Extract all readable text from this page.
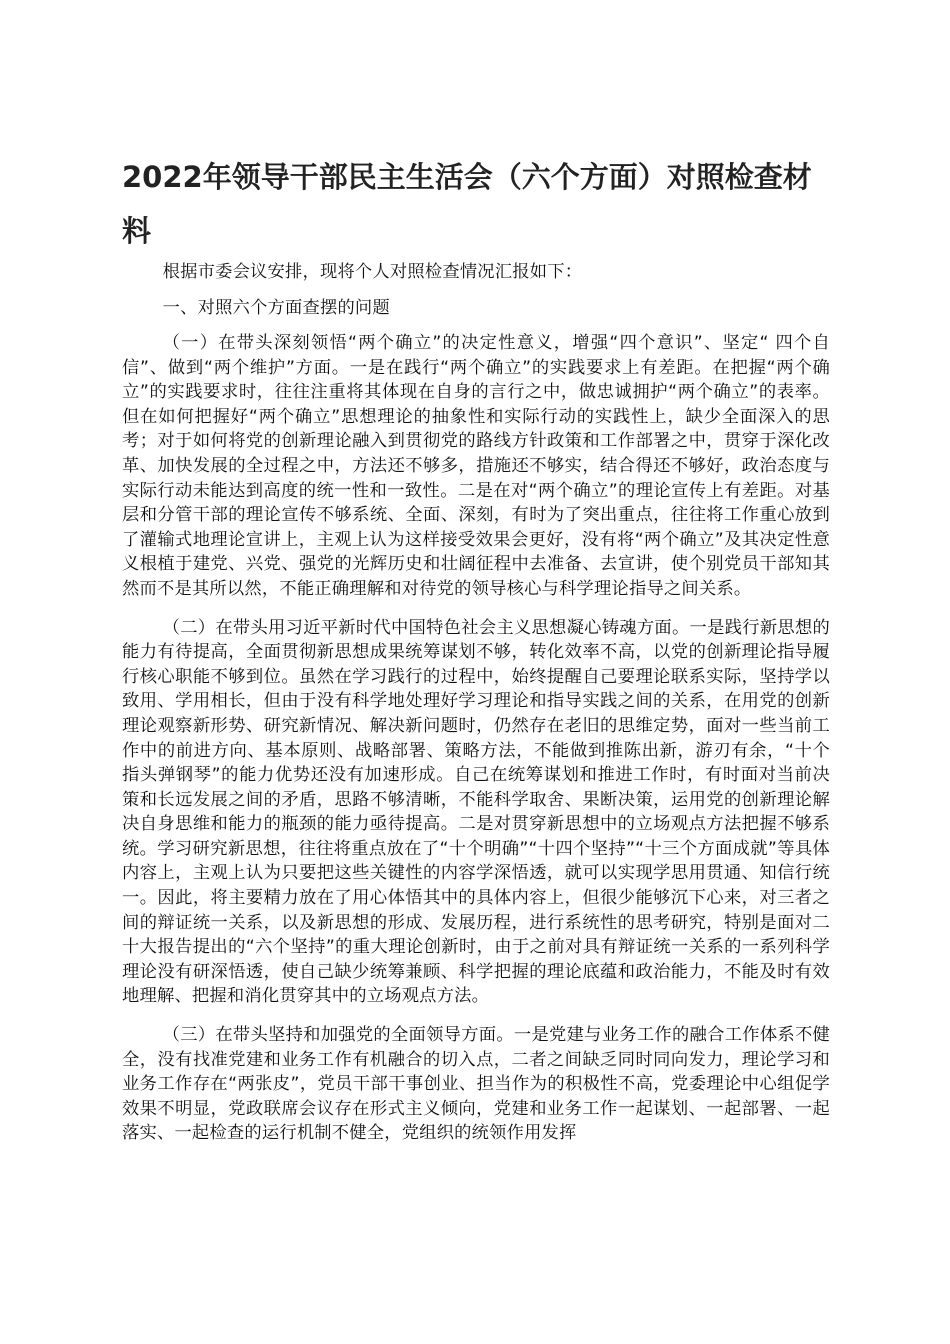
2022年领导干部民主生活会（六个方面）对照检查材料

根据市委会议安排，现将个人对照检查情况汇报如下：

一、对照六个方面查摆的问题

（一）在带头深刻领悟“两个确立”的决定性意义，增强“四个意识”、坚定“ 四个自信”、做到“两个维护”方面。一是在践行“两个确立”的实践要求上有差距。在把握“两个确立”的实践要求时，往往注重将其体现在自身的言行之中，做忠诚拥护“两个确立”的表率。但在如何把握好“两个确立”思想理论的抽象性和实际行动的实践性上，缺少全面深入的思考；对于如何将党的创新理论融入到贯彻党的路线方针政策和工作部署之中，贯穿于深化改革、加快发展的全过程之中，方法还不够多，措施还不够实，结合得还不够好，政治态度与实际行动未能达到高度的统一性和一致性。二是在对“两个确立”的理论宣传上有差距。对基层和分管干部的理论宣传不够系统、全面、深刻，有时为了突出重点，往往将工作重心放到了灌输式地理论宣讲上，主观上认为这样接受效果会更好，没有将“两个确立”及其决定性意义根植于建党、兴党、强党的光辉历史和壮阔征程中去准备、去宣讲，使个别党员干部知其然而不是其所以然，不能正确理解和对待党的领导核心与科学理论指导之间关系。

（二）在带头用习近平新时代中国特色社会主义思想凝心铸魂方面。一是践行新思想的能力有待提高，全面贯彻新思想成果统筹谋划不够，转化效率不高，以党的创新理论指导履行核心职能不够到位。虽然在学习践行的过程中，始终提醒自己要理论联系实际，坚持学以致用、学用相长，但由于没有科学地处理好学习理论和指导实践之间的关系，在用党的创新理论观察新形势、研究新情况、解决新问题时，仍然存在老旧的思维定势，面对一些当前工作中的前进方向、基本原则、战略部署、策略方法，不能做到推陈出新，游刃有余，“十个指头弹钢琴”的能力优势还没有加速形成。自己在统筹谋划和推进工作时，有时面对当前决策和长远发展之间的矛盾，思路不够清晰，不能科学取舍、果断决策，运用党的创新理论解决自身思维和能力的瓶颈的能力亟待提高。二是对贯穿新思想中的立场观点方法把握不够系统。学习研究新思想，往往将重点放在了“十个明确”“十四个坚持”“十三个方面成就”等具体内容上，主观上认为只要把这些关键性的内容学深悟透，就可以实现学思用贯通、知信行统一。因此，将主要精力放在了用心体悟其中的具体内容上，但很少能够沉下心来，对三者之间的辩证统一关系，以及新思想的形成、发展历程，进行系统性的思考研究，特别是面对二十大报告提出的“六个坚持”的重大理论创新时，由于之前对具有辩证统一关系的一系列科学理论没有研深悟透，使自己缺少统筹兼顾、科学把握的理论底蕴和政治能力，不能及时有效地理解、把握和消化贯穿其中的立场观点方法。

（三）在带头坚持和加强党的全面领导方面。一是党建与业务工作的融合工作体系不健全，没有找准党建和业务工作有机融合的切入点，二者之间缺乏同时同向发力，理论学习和业务工作存在“两张皮”，党员干部干事创业、担当作为的积极性不高，党委理论中心组促学效果不明显，党政联席会议存在形式主义倾向，党建和业务工作一起谋划、一起部署、一起落实、一起检查的运行机制不健全，党组织的统领作用发挥
